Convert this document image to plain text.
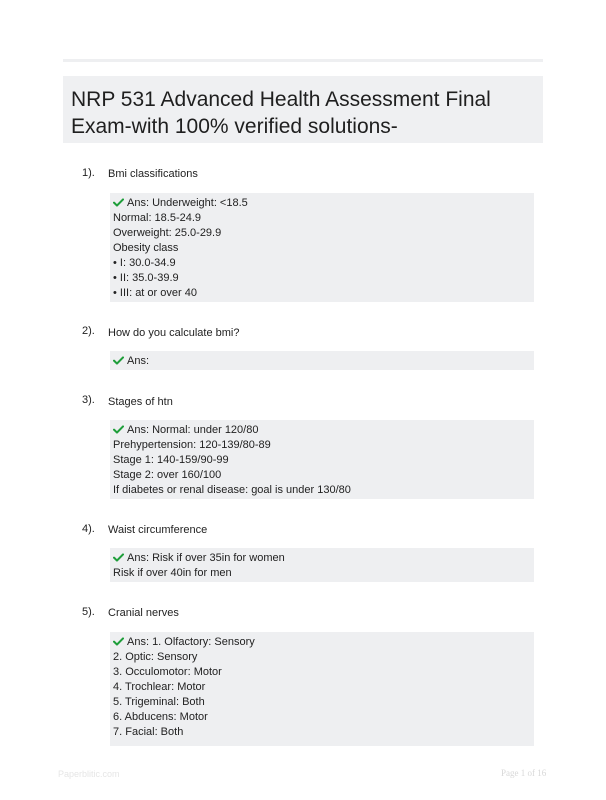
NRP 531 Advanced Health Assessment Final
Exam-with 100% verified solutions-
1). Bmi classifications
Ans: Underweight: <18.5
Normal: 18.5-24.9
Overweight: 25.0-29.9
Obesity class
• I: 30.0-34.9
• II: 35.0-39.9
• III: at or over 40
2). How do you calculate bmi?
Ans:
3). Stages of htn
Ans: Normal: under 120/80
Prehypertension: 120-139/80-89
Stage 1: 140-159/90-99
Stage 2: over 160/100
If diabetes or renal disease: goal is under 130/80
4). Waist circumference
Ans: Risk if over 35in for women
Risk if over 40in for men
5). Cranial nerves
Ans: 1. Olfactory: Sensory
2. Optic: Sensory
3. Occulomotor: Motor
4. Trochlear: Motor
5. Trigeminal: Both
6. Abducens: Motor
7. Facial: Both
Paperblitic.com	Page 1 of 16
